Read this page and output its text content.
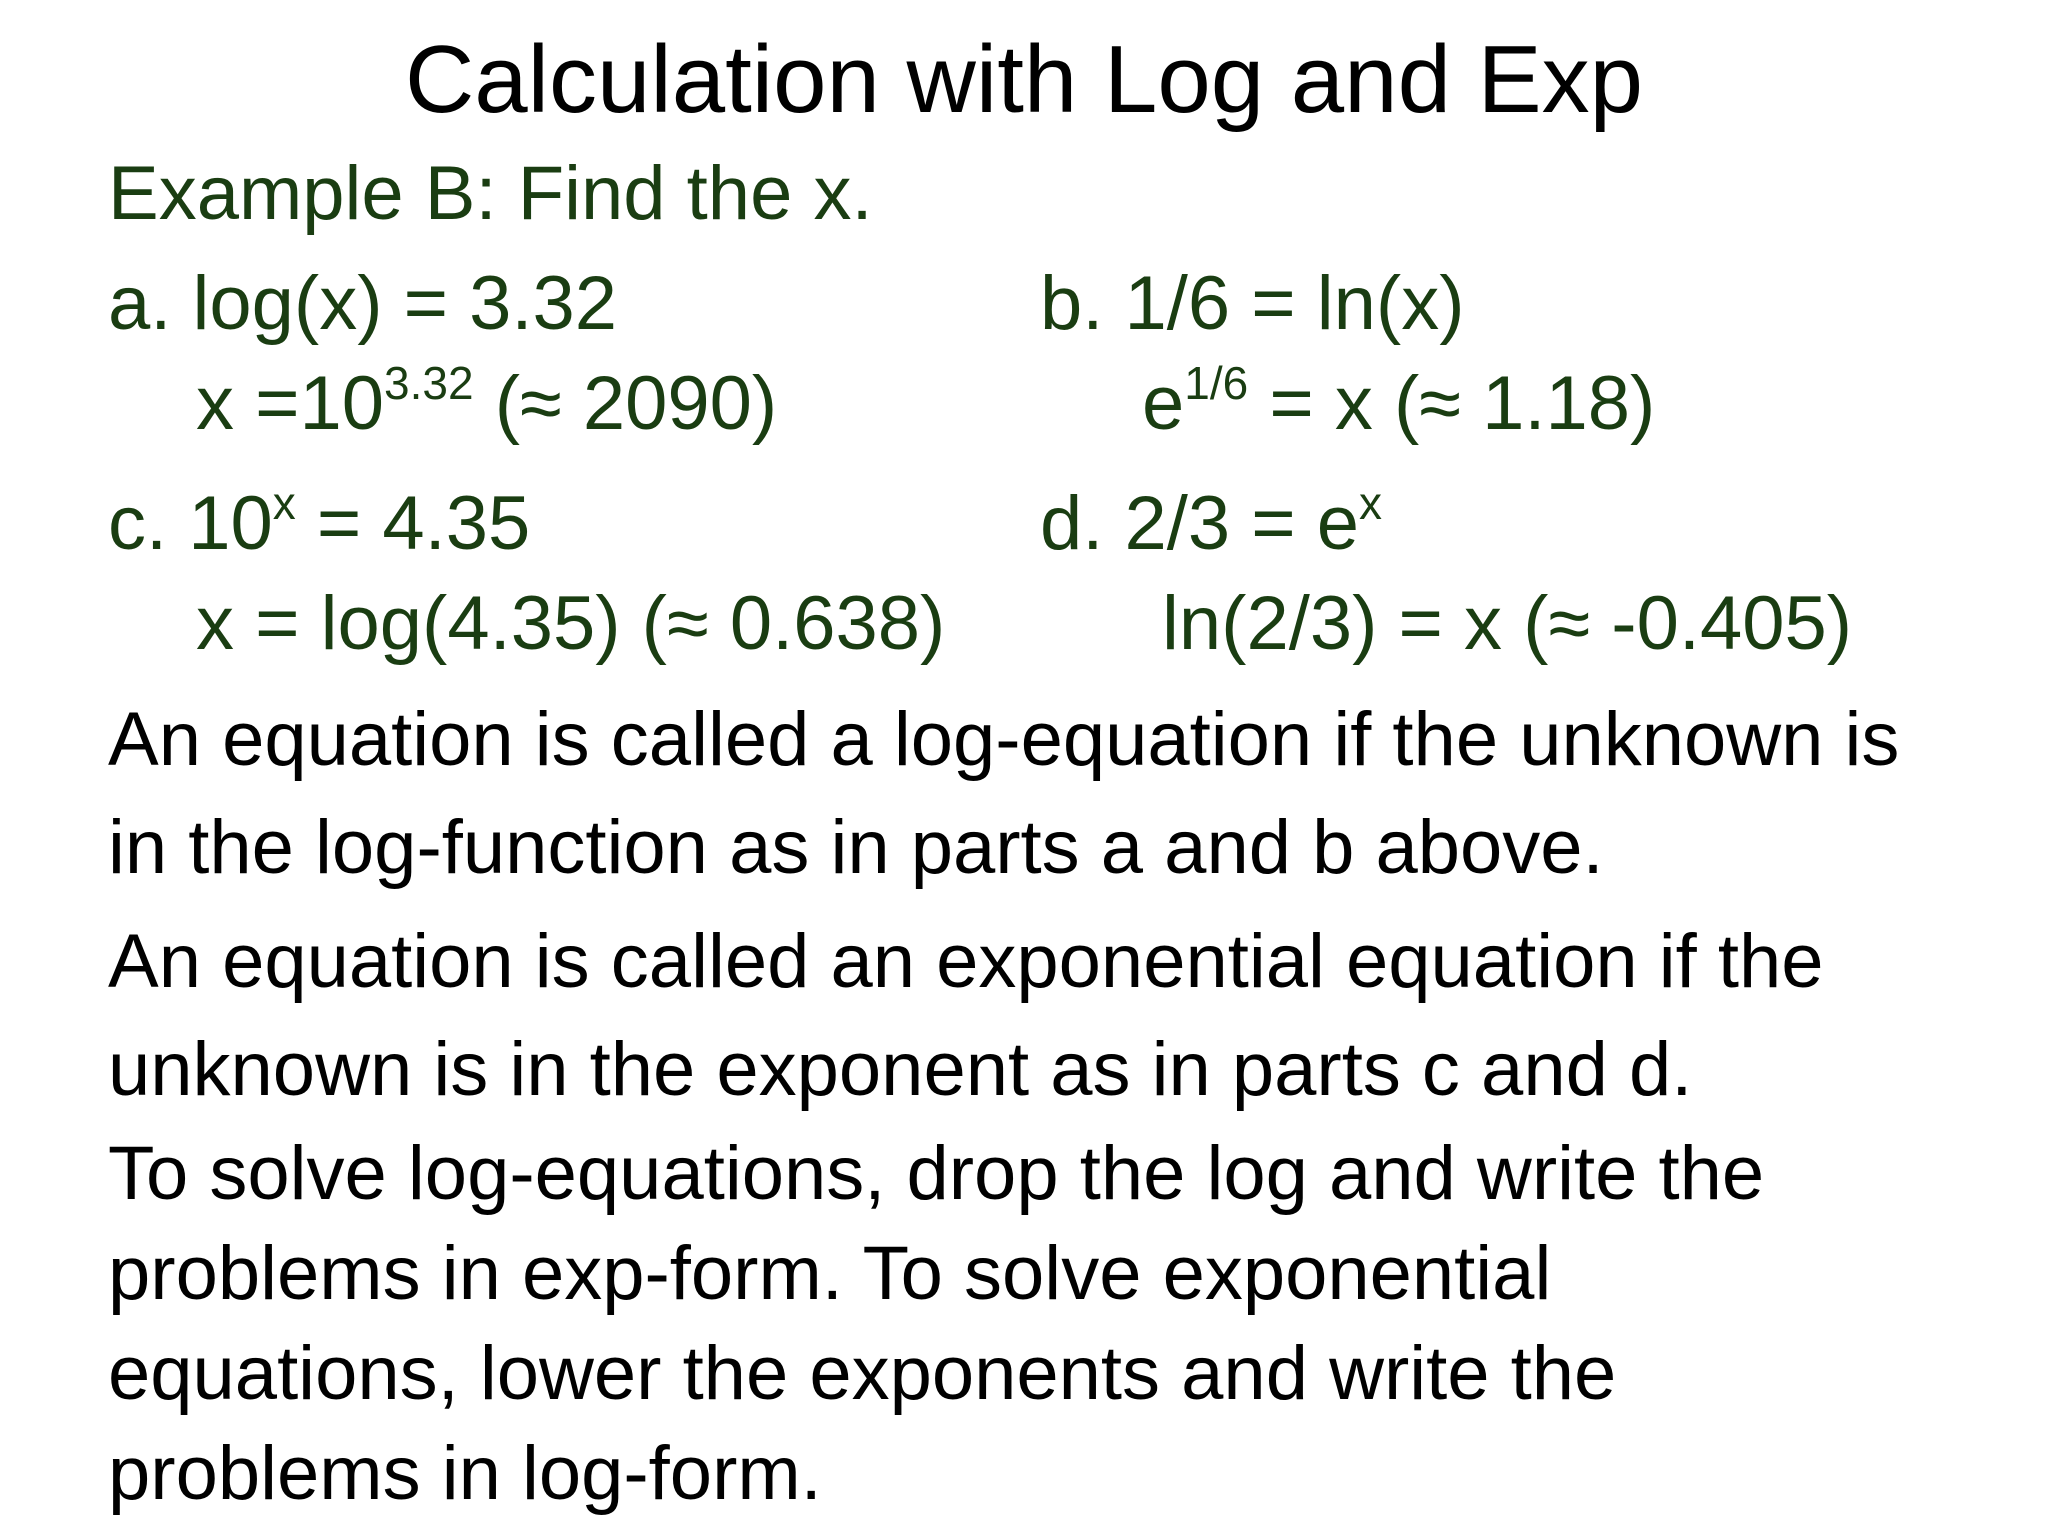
Calculation with Log and Exp
Example B: Find the x.
a. log(x) = 3.32
$x =10^{3.32}$ (≈ 2090)
b. 1/6 = ln(x)
$e^{1/6} = x$ (≈ 1.18)
c. $10^x = 4.35$
x = log(4.35) (≈ 0.638)
d. $2/3 = e^x$
ln(2/3) = x (≈ -0.405)
An equation is called a log-equation if the unknown is
in the log-function as in parts a and b above.
An equation is called an exponential equation if the
unknown is in the exponent as in parts c and d.
To solve log-equations, drop the log and write the
problems in exp-form. To solve exponential
equations, lower the exponents and write the
problems in log-form.
